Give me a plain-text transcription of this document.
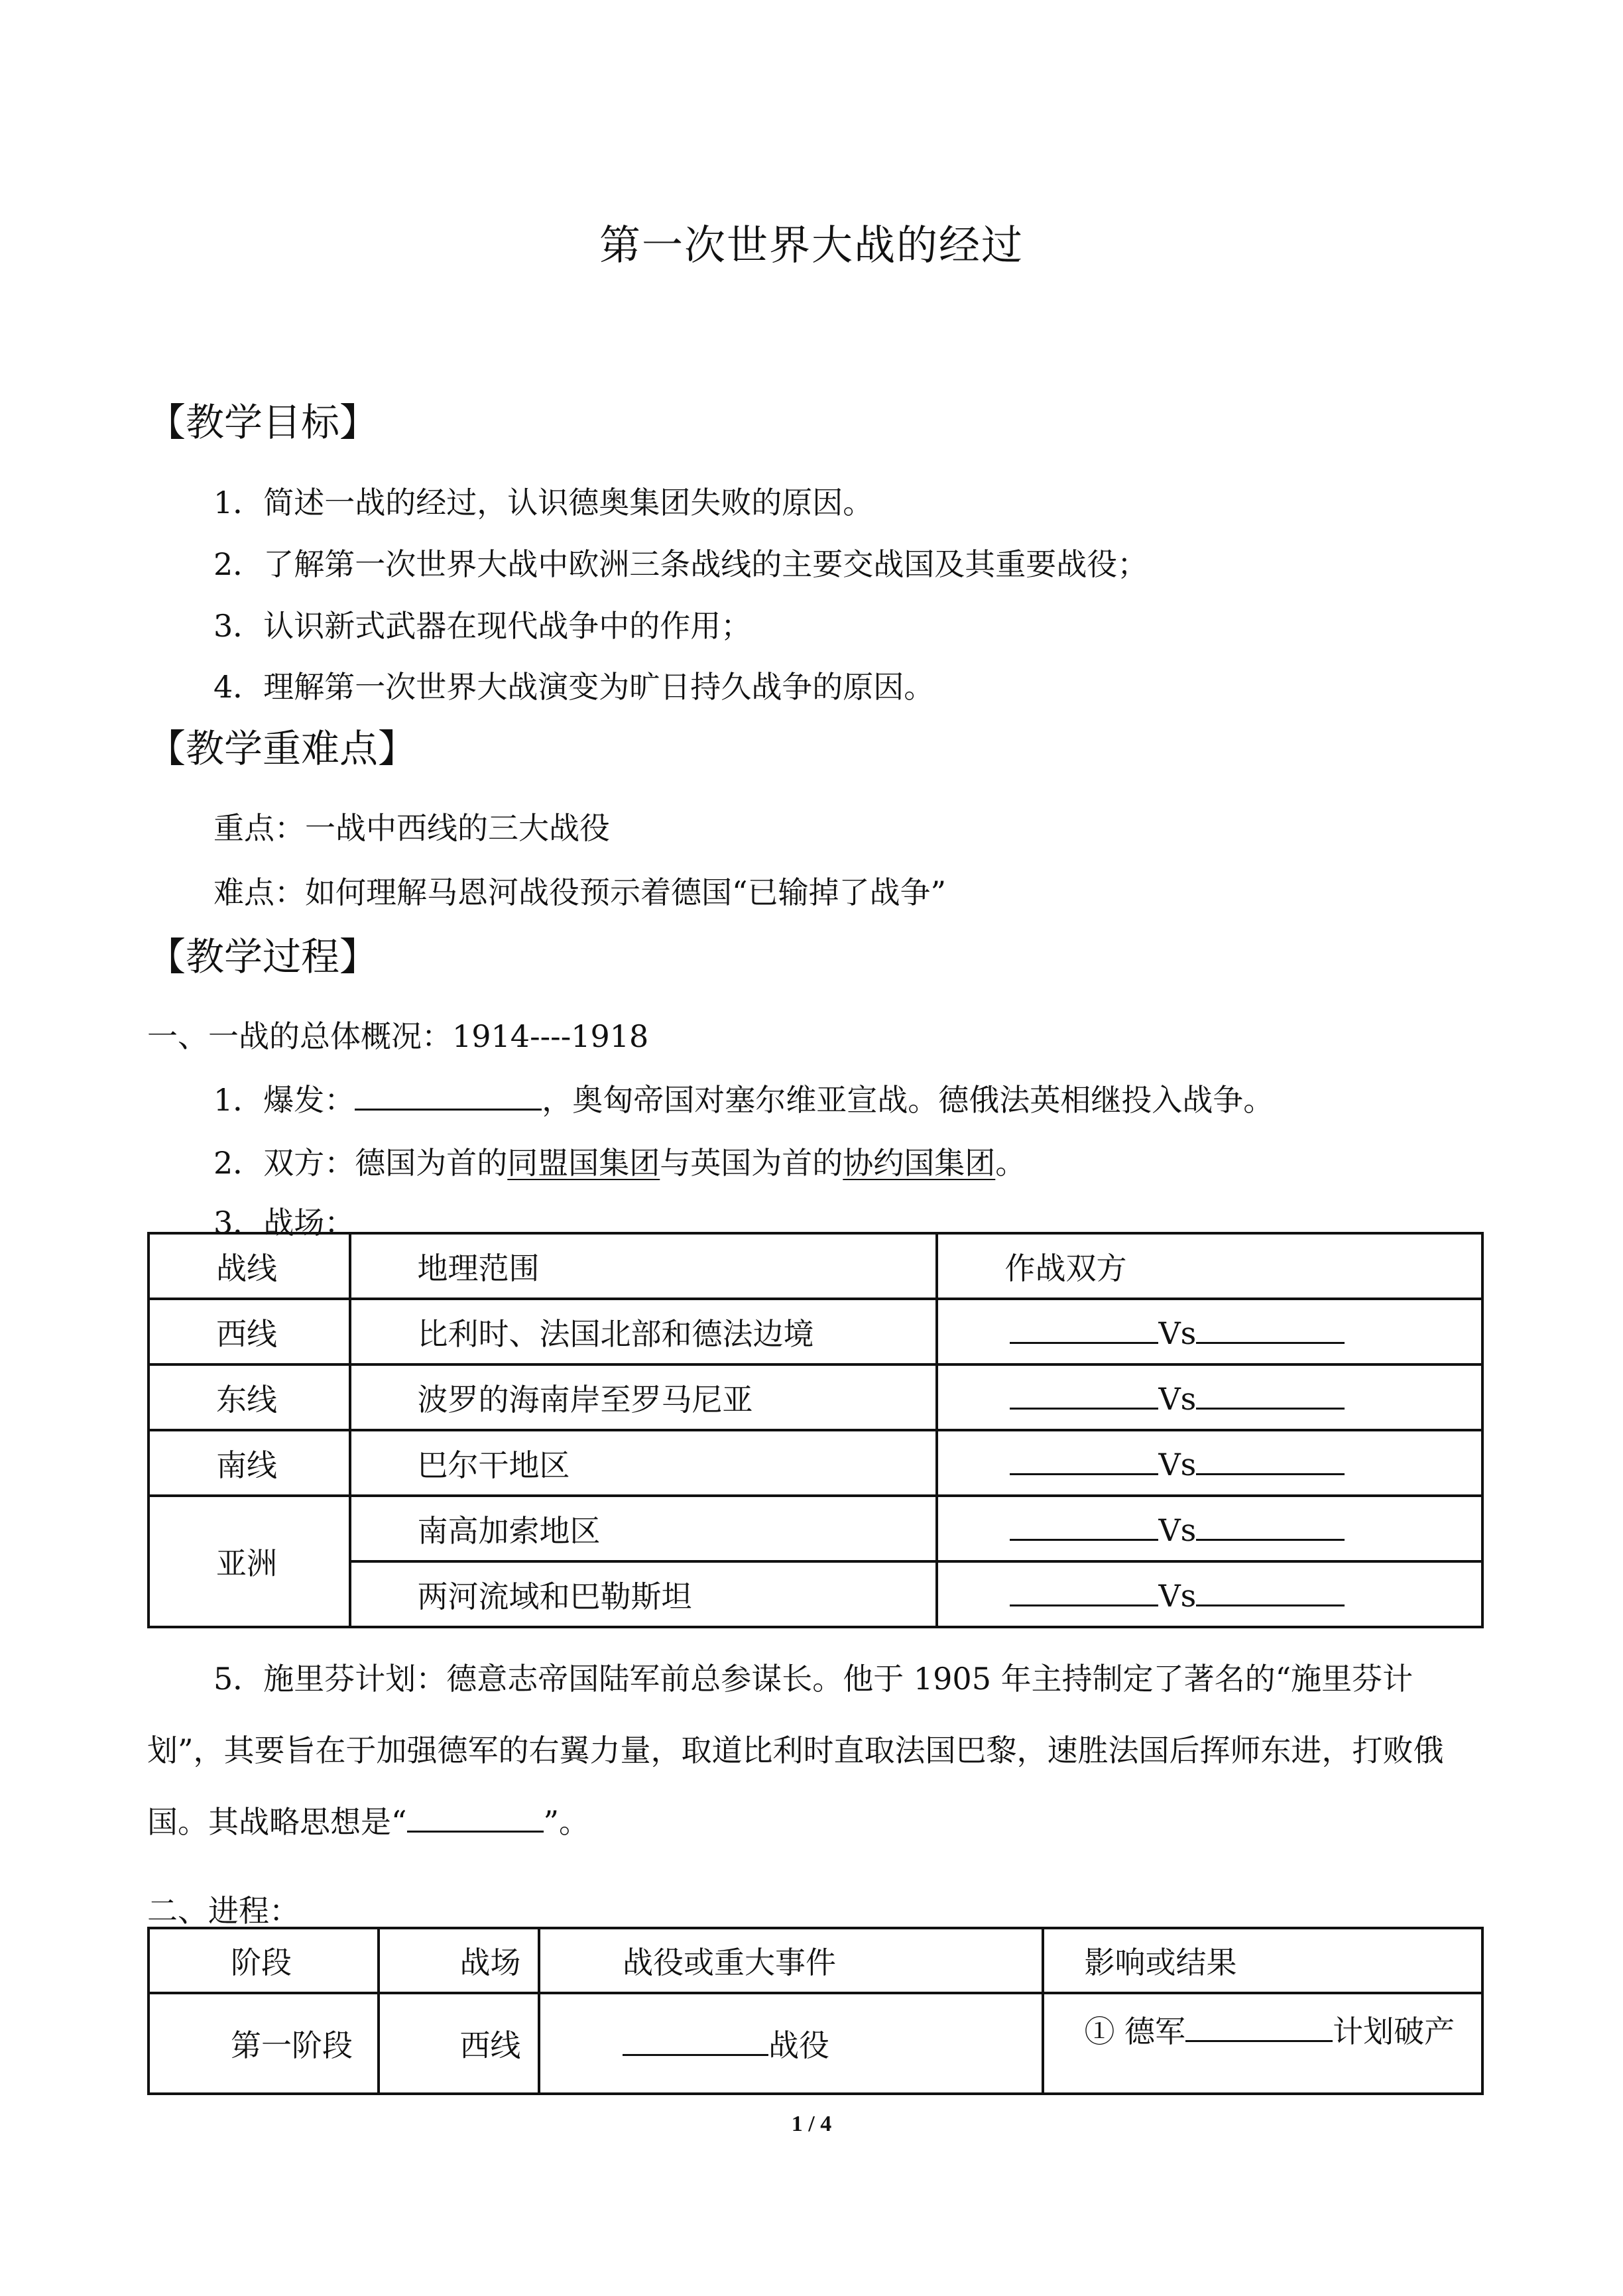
第一次世界大战的经过
【教学目标】
1．简述一战的经过，认识德奥集团失败的原因。
2．了解第一次世界大战中欧洲三条战线的主要交战国及其重要战役；
3．认识新式武器在现代战争中的作用；
4．理解第一次世界大战演变为旷日持久战争的原因。
【教学重难点】
重点：一战中西线的三大战役
难点：如何理解马恩河战役预示着德国“已输掉了战争”
【教学过程】
一、一战的总体概况：1914----1918
1．爆发：	，奥匈帝国对塞尔维亚宣战。德俄法英相继投入战争。
2．双方：德国为首的同盟国集团与英国为首的协约国集团。
3．战场：
战线	地理范围	作战双方
西线	比利时、法国北部和德法边境	Vs
东线	波罗的海南岸至罗马尼亚	Vs
南线	巴尔干地区	Vs
亚洲	南高加索地区	Vs
	两河流域和巴勒斯坦	Vs
5．施里芬计划：德意志帝国陆军前总参谋长。他于 1905 年主持制定了著名的“施里芬计划”，其要旨在于加强德军的右翼力量，取道比利时直取法国巴黎，速胜法国后挥师东进，打败俄国。其战略思想是“	”。
二、进程：
阶段	战场	战役或重大事件	影响或结果
第一阶段	西线	战役	① 德军 计划破产
1 / 4
